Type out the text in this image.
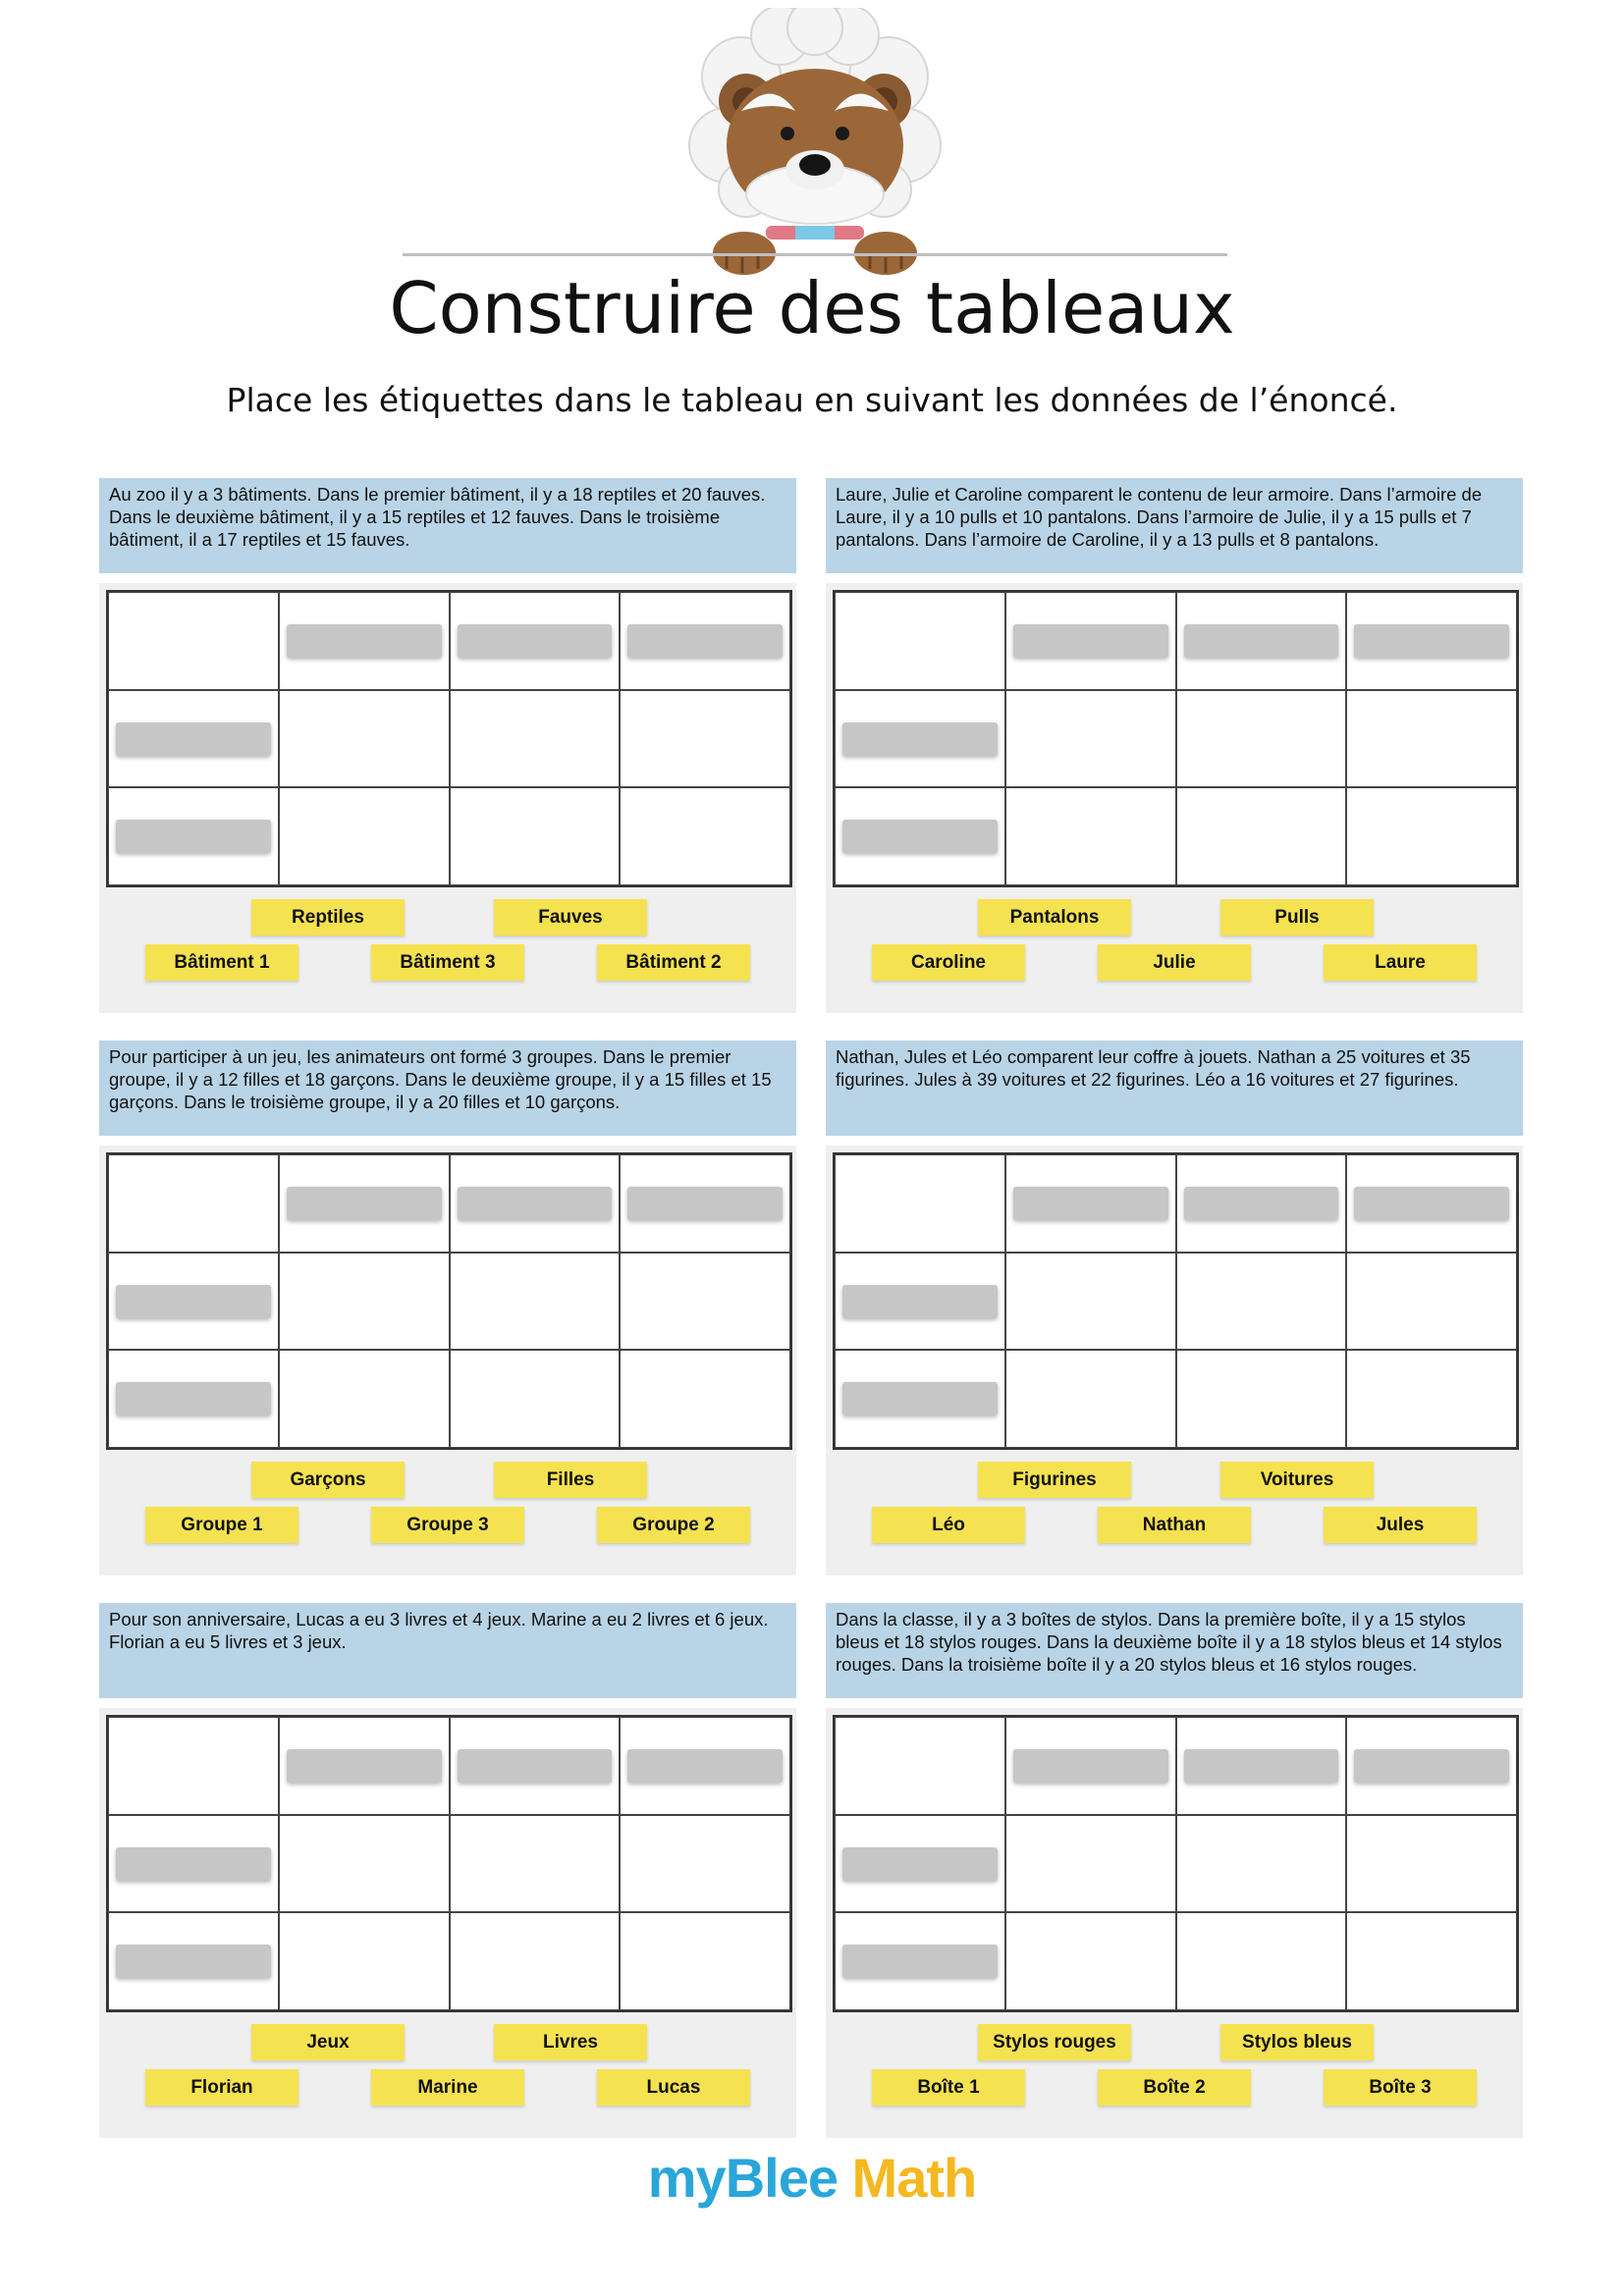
Construire des tableaux
Place les étiquettes dans le tableau en suivant les données de l’énoncé.
Au zoo il y a 3 bâtiments. Dans le premier bâtiment, il y a 18 reptiles et 20 fauves. Dans le deuxième bâtiment, il y a 15 reptiles et 12 fauves. Dans le troisième bâtiment, il a 17 reptiles et 15 fauves.
Reptiles	Fauves
Bâtiment 1	Bâtiment 3	Bâtiment 2
Laure, Julie et Caroline comparent le contenu de leur armoire. Dans l’armoire de Laure, il y a 10 pulls et 10 pantalons. Dans l’armoire de Julie, il y a 15 pulls et 7 pantalons. Dans l’armoire de Caroline, il y a 13 pulls et 8 pantalons.
Pantalons	Pulls
Caroline	Julie	Laure
Pour participer à un jeu, les animateurs ont formé 3 groupes. Dans le premier groupe, il y a 12 filles et 18 garçons. Dans le deuxième groupe, il y a 15 filles et 15 garçons. Dans le troisième groupe, il y a 20 filles et 10 garçons.
Garçons	Filles
Groupe 1	Groupe 3	Groupe 2
Nathan, Jules et Léo comparent leur coffre à jouets. Nathan a 25 voitures et 35 figurines. Jules à 39 voitures et 22 figurines. Léo a 16 voitures et 27 figurines.
Figurines	Voitures
Léo	Nathan	Jules
Pour son anniversaire, Lucas a eu 3 livres et 4 jeux. Marine a eu 2 livres et 6 jeux. Florian a eu 5 livres et 3 jeux.
Jeux	Livres
Florian	Marine	Lucas
Dans la classe, il y a 3 boîtes de stylos. Dans la première boîte, il y a 15 stylos bleus et 18 stylos rouges. Dans la deuxième boîte il y a 18 stylos bleus et 14 stylos rouges. Dans la troisième boîte il y a 20 stylos bleus et 16 stylos rouges.
Stylos rouges	Stylos bleus
Boîte 1	Boîte 2	Boîte 3
myBlee Math
